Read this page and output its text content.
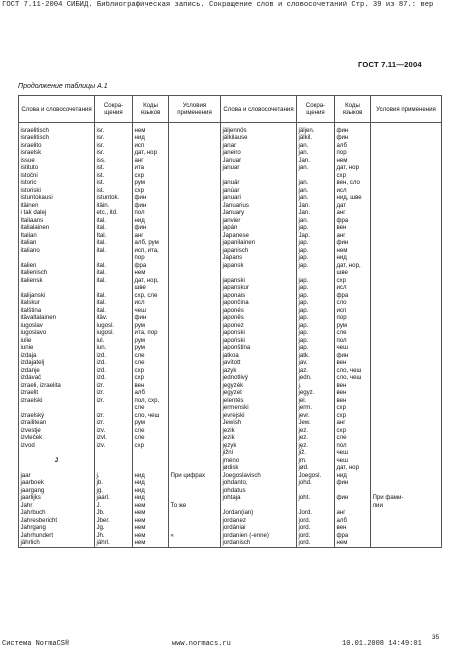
ГОСТ 7.11-2004 СИБИД. Библиографическая запись. Сокращение слов и словосочетаний Стр. 39 из 87.: вер
ГОСТ 7.11—2004
Продолжение таблицы А.1
Слова и словосочетания	Сокра-щения	Коды языков	Условия применения	Слова и словосочетания	Сокра-щения	Коды языков	Условия применения

israelitisch	isr.	нем		jäljennös	jäljen.	фин	
israelitisch	isr.	нид		jälkilause	jälkil.	фин	
israelito	isr.	исп		janar	jan.	алб	
israelsk	isr.	дат, нор		janeiro	jan.	пор	
issue	iss.	анг		Januar	Jan.	нем	
istituto	ist.	ита		januar	jan.	дат, нор	
istočni	ist.	схр				схр	
istoric	ist.	рум		január	jan.	вен, сло	
istoriski	ist.	схр		janúar	jan.	исл	
istuntokausi	istuntok.	фин		januari	jan.	нид, шве	
itäinen	itäin.	фин		Januarius	Jan.	дат	
i tak dalej	etc., itd.	пол		January	Jan.	анг	
Italiaans	ital.	нид		janvier	jan.	фра	
italialainen	ital.	фин		japán	jap.	вен	
Italian	Ital.	анг		Japanese	Jap.	анг	
italian	ital.	алб, рум		japanilainen	jap.	фин	
italiano	ital.	исп, ита,		japanisch	jap.	нем	
		пор		Japans	jap.	нид	
italien	ital.	фра		japansk	jap.	дат, нор,	
italienisch	ital.	нем				шве	
italiensk	ital.	дат, нор,		japanski	jap.	схр	
		шве		japanskur	jap.	исл	
italijanski	ital.	схр, сле		japonais	jap.	фра	
italskur	ital.	исл		japončina	jap.	сло	
italština	ital.	чеш		japonés	jap.	исп	
itävaltalainen	itäv.	фин		japonês	jap.	пор	
iugoslav	iugosl.	рум		japonez	jap.	рум	
iugoslavo	iugosl.	ита, пор		japonski	jap.	сле	
iulie	iul.	рум		japoński	jap.	пол	
iunie	iun.	рум		japonština	jap.	чеш	
izdaja	izd.	сле		jatkoa	jatk.	фин	
izdajatelj	izd.	сле		javított	jav.	вен	
izdanje	izd.	схр		jazyk	jaz.	сло, чеш	
izdavač	izd.	схр		jednotlivý	jedn.	сло, чеш	
izraeli, izraelita	izr.	вен		jegyzék	j.	вен	
izraelit	izr.	алб		jegyzet	jegyz.	вен	
izraelski	izr.	пол, схр,		jelentés	jel.	вен	
		сле		jermenski	jerm.	схр	
izraelský	izr.	сло, чеш		jevrejski	jevr.	схр	
izrailitean	izr.	рум		Jewish	Jew.	анг	
izvestje	izv.	сле		jezik	jez.	схр	
izvleček	izvl.	сле		jezik	jez.	сле	
izvod	izv.	схр		jęzуk	jęz.	пол	
				jižní	již.	чеш	
J				jméno	jm.	чеш	
				jødisk	jød.	дат, нор	
jaar	j.	нид	При цифрах	Joegoslavisch	Joegosl.	нид	
jaarboek	jb.	нид		johdanto,	johd.	фин	
jaargang	jg.	нид		johdatus			
jaarlijks	jaarl.	нид		johtaja	joht.	фин	При фами-
Jahr	J.	нем	То же				лии
Jahrbuch	Jb.	нем		Jordan(ian)	Jord.	анг	
Jahresbericht	Jber.	нем		jordanez	jord.	алб	
Jahrgang	Jg.	нем		jordániai	jord.	вен	
Jahrhundert	Jh.	нем	«	jordanien (-enne)	jord.	фра	
jährlich	jährl.	нем		jordanisch	jord.	нем	
35
Система NormaCS®	www.normacs.ru	10.01.2008 14:49:01
